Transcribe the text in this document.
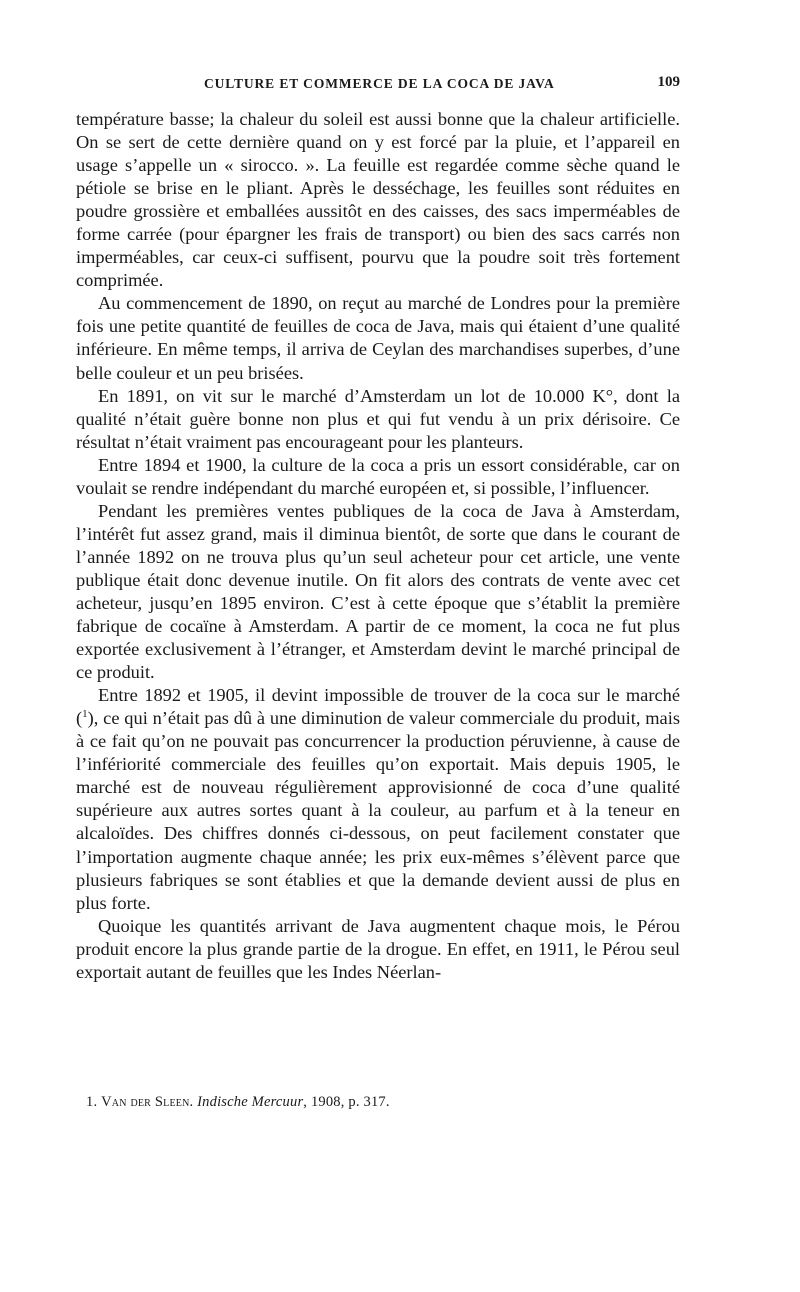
CULTURE ET COMMERCE DE LA COCA DE JAVA	109

température basse; la chaleur du soleil est aussi bonne que la chaleur artificielle. On se sert de cette dernière quand on y est forcé par la pluie, et l’appareil en usage s’appelle un « sirocco. ». La feuille est regardée comme sèche quand le pétiole se brise en le pliant. Après le desséchage, les feuilles sont réduites en poudre grossière et emballées aussitôt en des caisses, des sacs imperméables de forme carrée (pour épargner les frais de transport) ou bien des sacs carrés non imperméables, car ceux-ci suffisent, pourvu que la poudre soit très fortement comprimée.

Au commencement de 1890, on reçut au marché de Londres pour la première fois une petite quantité de feuilles de coca de Java, mais qui étaient d’une qualité inférieure. En même temps, il arriva de Ceylan des marchandises superbes, d’une belle couleur et un peu brisées.

En 1891, on vit sur le marché d’Amsterdam un lot de 10.000 K°, dont la qualité n’était guère bonne non plus et qui fut vendu à un prix dérisoire. Ce résultat n’était vraiment pas encourageant pour les planteurs.

Entre 1894 et 1900, la culture de la coca a pris un essort considérable, car on voulait se rendre indépendant du marché européen et, si possible, l’influencer.

Pendant les premières ventes publiques de la coca de Java à Amsterdam, l’intérêt fut assez grand, mais il diminua bientôt, de sorte que dans le courant de l’année 1892 on ne trouva plus qu’un seul acheteur pour cet article, une vente publique était donc devenue inutile. On fit alors des contrats de vente avec cet acheteur, jusqu’en 1895 environ. C’est à cette époque que s’établit la première fabrique de cocaïne à Amsterdam. A partir de ce moment, la coca ne fut plus exportée exclusivement à l’étranger, et Amsterdam devint le marché principal de ce produit.

Entre 1892 et 1905, il devint impossible de trouver de la coca sur le marché ($^1$), ce qui n’était pas dû à une diminution de valeur commerciale du produit, mais à ce fait qu’on ne pouvait pas concurrencer la production péruvienne, à cause de l’infériorité commerciale des feuilles qu’on exportait. Mais depuis 1905, le marché est de nouveau régulièrement approvisionné de coca d’une qualité supérieure aux autres sortes quant à la couleur, au parfum et à la teneur en alcaloïdes. Des chiffres donnés ci-dessous, on peut facilement constater que l’importation augmente chaque année; les prix eux-mêmes s’élèvent parce que plusieurs fabriques se sont établies et que la demande devient aussi de plus en plus forte.

Quoique les quantités arrivant de Java augmentent chaque mois, le Pérou produit encore la plus grande partie de la drogue. En effet, en 1911, le Pérou seul exportait autant de feuilles que les Indes Néerlan-

1. Van der Sleen. Indische Mercuur, 1908, p. 317.
